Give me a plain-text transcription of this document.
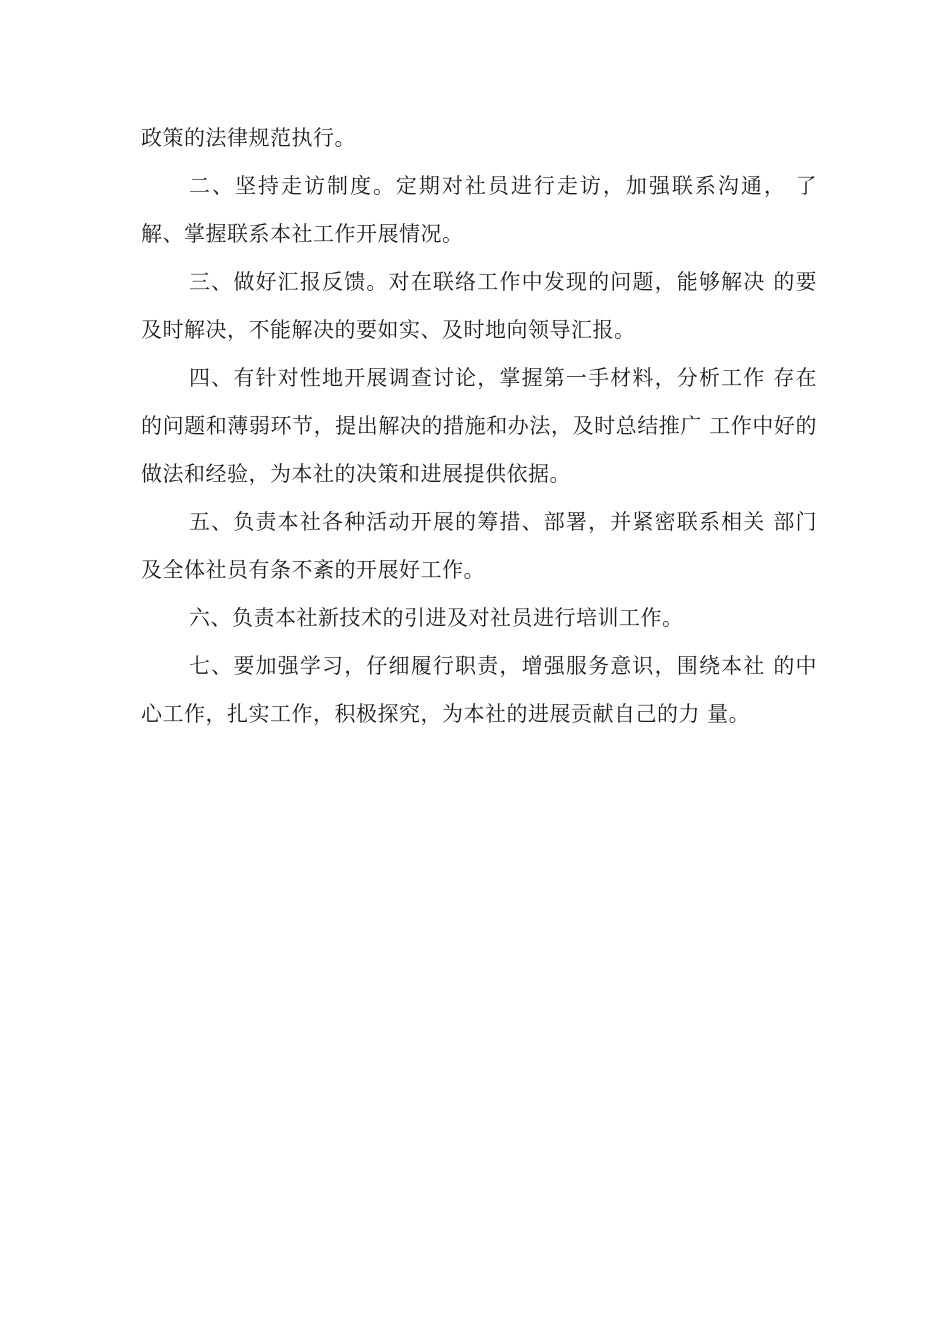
政策的法律规范执行。

二、坚持走访制度。定期对社员进行走访，加强联系沟通， 了解、掌握联系本社工作开展情况。

三、做好汇报反馈。对在联络工作中发现的问题，能够解决 的要及时解决，不能解决的要如实、及时地向领导汇报。

四、有针对性地开展调查讨论，掌握第一手材料，分析工作 存在的问题和薄弱环节，提出解决的措施和办法，及时总结推广 工作中好的做法和经验，为本社的决策和进展提供依据。

五、负责本社各种活动开展的筹措、部署，并紧密联系相关 部门及全体社员有条不紊的开展好工作。

六、负责本社新技术的引进及对社员进行培训工作。

七、要加强学习，仔细履行职责，增强服务意识，围绕本社 的中心工作，扎实工作，积极探究，为本社的进展贡献自己的力 量。
